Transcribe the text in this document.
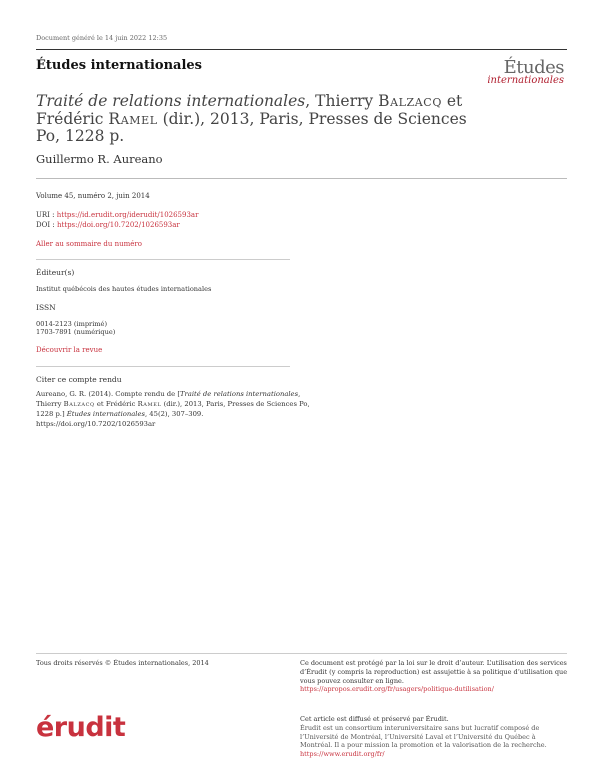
Document généré le 14 juin 2022 12:35
Études internationales	Études
internationales
Traité de relations internationales, Thierry Balzacq et Frédéric Ramel (dir.), 2013, Paris, Presses de Sciences Po, 1228 p.
Guillermo R. Aureano
Volume 45, numéro 2, juin 2014
URI : https://id.erudit.org/iderudit/1026593ar
DOI : https://doi.org/10.7202/1026593ar
Aller au sommaire du numéro
Éditeur(s)
Institut québécois des hautes études internationales
ISSN
0014-2123 (imprimé)
1703-7891 (numérique)
Découvrir la revue
Citer ce compte rendu
Aureano, G. R. (2014). Compte rendu de [Traité de relations internationales, Thierry Balzacq et Frédéric Ramel (dir.), 2013, Paris, Presses de Sciences Po, 1228 p.] Études internationales, 45(2), 307–309. https://doi.org/10.7202/1026593ar
Tous droits réservés © Études internationales, 2014	Ce document est protégé par la loi sur le droit d’auteur. L’utilisation des services d’Érudit (y compris la reproduction) est assujettie à sa politique d’utilisation que vous pouvez consulter en ligne.
https://apropos.erudit.org/fr/usagers/politique-dutilisation/
érudit	Cet article est diffusé et préservé par Érudit.
Érudit est un consortium interuniversitaire sans but lucratif composé de l’Université de Montréal, l’Université Laval et l’Université du Québec à Montréal. Il a pour mission la promotion et la valorisation de la recherche.
https://www.erudit.org/fr/
